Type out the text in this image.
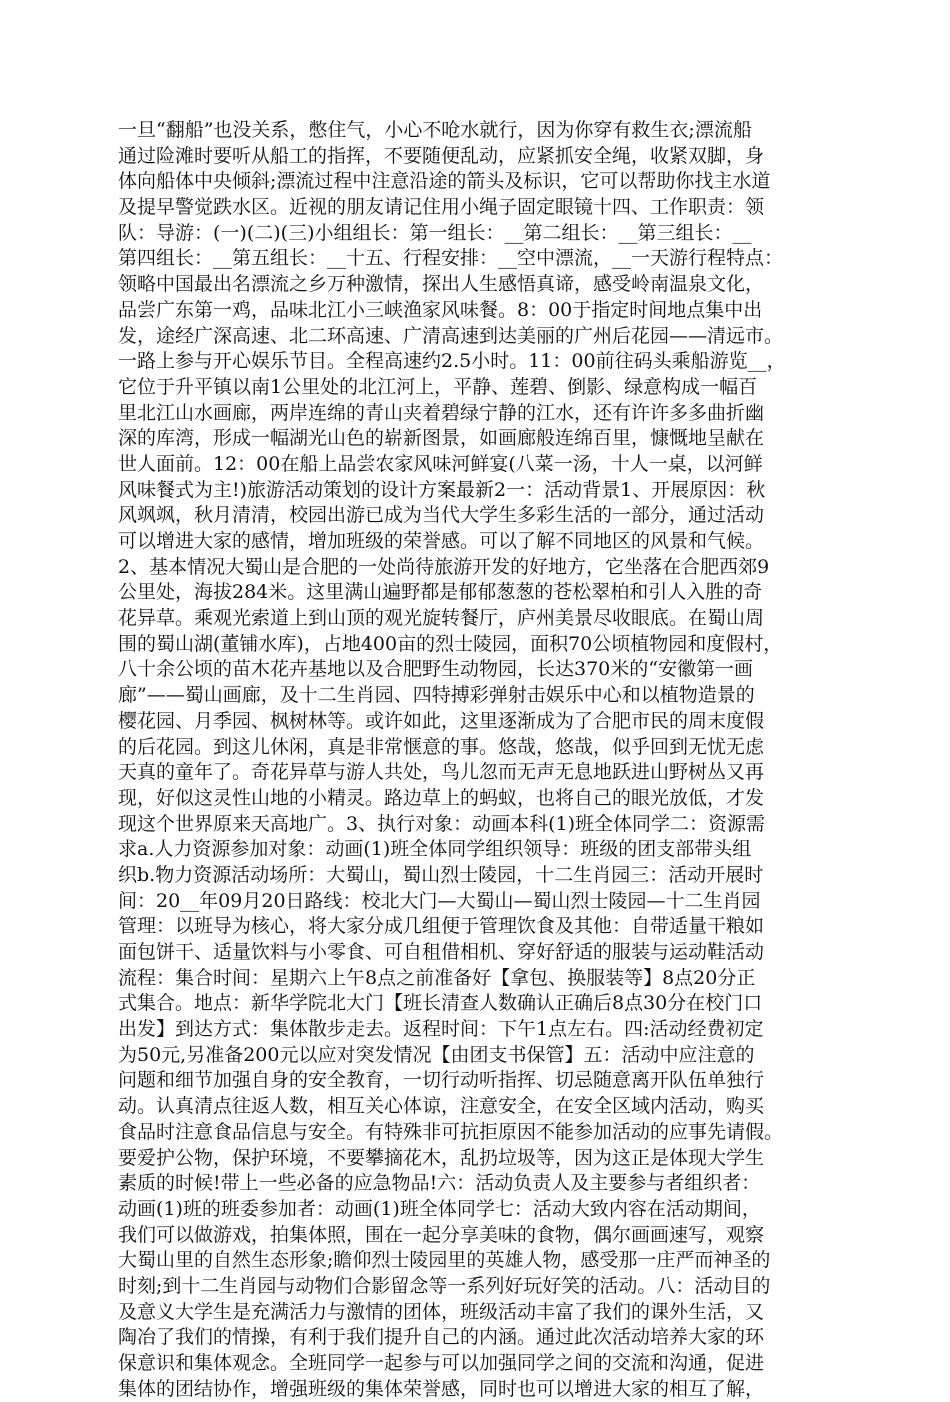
一旦“翻船”也没关系，憋住气，小心不呛水就行，因为你穿有救生衣;漂流船
通过险滩时要听从船工的指挥，不要随便乱动，应紧抓安全绳，收紧双脚，身
体向船体中央倾斜;漂流过程中注意沿途的箭头及标识，它可以帮助你找主水道
及提早警觉跌水区。近视的朋友请记住用小绳子固定眼镜十四、工作职责：领
队：导游：(一)(二)(三)小组组长：第一组长：__第二组长：__第三组长：__
第四组长：__第五组长：__十五、行程安排：__空中漂流，__一天游行程特点：
领略中国最出名漂流之乡万种激情，探出人生感悟真谛，感受岭南温泉文化，
品尝广东第一鸡，品味北江小三峡渔家风味餐。8：00于指定时间地点集中出
发，途经广深高速、北二环高速、广清高速到达美丽的广州后花园——清远市。
一路上参与开心娱乐节目。全程高速约2.5小时。11：00前往码头乘船游览__，
它位于升平镇以南1公里处的北江河上，平静、莲碧、倒影、绿意构成一幅百
里北江山水画廊，两岸连绵的青山夹着碧绿宁静的江水，还有许许多多曲折幽
深的库湾，形成一幅湖光山色的崭新图景，如画廊般连绵百里，慷慨地呈献在
世人面前。12：00在船上品尝农家风味河鲜宴(八菜一汤，十人一桌，以河鲜
风味餐式为主!)旅游活动策划的设计方案最新2一：活动背景1、开展原因：秋
风飒飒，秋月清清，校园出游已成为当代大学生多彩生活的一部分，通过活动
可以增进大家的感情，增加班级的荣誉感。可以了解不同地区的风景和气候。
2、基本情况大蜀山是合肥的一处尚待旅游开发的好地方，它坐落在合肥西郊9
公里处，海拔284米。这里满山遍野都是郁郁葱葱的苍松翠柏和引人入胜的奇
花异草。乘观光索道上到山顶的观光旋转餐厅，庐州美景尽收眼底。在蜀山周
围的蜀山湖(董铺水库)，占地400亩的烈士陵园，面积70公顷植物园和度假村，
八十余公顷的苗木花卉基地以及合肥野生动物园，长达370米的“安徽第一画
廊”——蜀山画廊，及十二生肖园、四特搏彩弹射击娱乐中心和以植物造景的
樱花园、月季园、枫树林等。或许如此，这里逐渐成为了合肥市民的周末度假
的后花园。到这儿休闲，真是非常惬意的事。悠哉，悠哉，似乎回到无忧无虑
天真的童年了。奇花异草与游人共处，鸟儿忽而无声无息地跃进山野树丛又再
现，好似这灵性山地的小精灵。路边草上的蚂蚁，也将自己的眼光放低，才发
现这个世界原来天高地广。3、执行对象：动画本科(1)班全体同学二：资源需
求a.人力资源参加对象：动画(1)班全体同学组织领导：班级的团支部带头组
织b.物力资源活动场所：大蜀山，蜀山烈士陵园，十二生肖园三：活动开展时
间：20__年09月20日路线：校北大门—大蜀山—蜀山烈士陵园—十二生肖园
管理：以班导为核心，将大家分成几组便于管理饮食及其他：自带适量干粮如
面包饼干、适量饮料与小零食、可自租借相机、穿好舒适的服装与运动鞋活动
流程：集合时间：星期六上午8点之前准备好【拿包、换服装等】8点20分正
式集合。地点：新华学院北大门【班长清查人数确认正确后8点30分在校门口
出发】到达方式：集体散步走去。返程时间：下午1点左右。四:活动经费初定
为50元,另准备200元以应对突发情况【由团支书保管】五：活动中应注意的
问题和细节加强自身的安全教育，一切行动听指挥、切忌随意离开队伍单独行
动。认真清点往返人数，相互关心体谅，注意安全，在安全区域内活动，购买
食品时注意食品信息与安全。有特殊非可抗拒原因不能参加活动的应事先请假。
要爱护公物，保护环境，不要攀摘花木，乱扔垃圾等，因为这正是体现大学生
素质的时候!带上一些必备的应急物品!六：活动负责人及主要参与者组织者：
动画(1)班的班委参加者：动画(1)班全体同学七：活动大致内容在活动期间，
我们可以做游戏，拍集体照，围在一起分享美味的食物，偶尔画画速写，观察
大蜀山里的自然生态形象;瞻仰烈士陵园里的英雄人物，感受那一庄严而神圣的
时刻;到十二生肖园与动物们合影留念等一系列好玩好笑的活动。八：活动目的
及意义大学生是充满活力与激情的团体，班级活动丰富了我们的课外生活，又
陶冶了我们的情操，有利于我们提升自己的内涵。通过此次活动培养大家的环
保意识和集体观念。全班同学一起参与可以加强同学之间的交流和沟通，促进
集体的团结协作，增强班级的集体荣誉感，同时也可以增进大家的相互了解，
